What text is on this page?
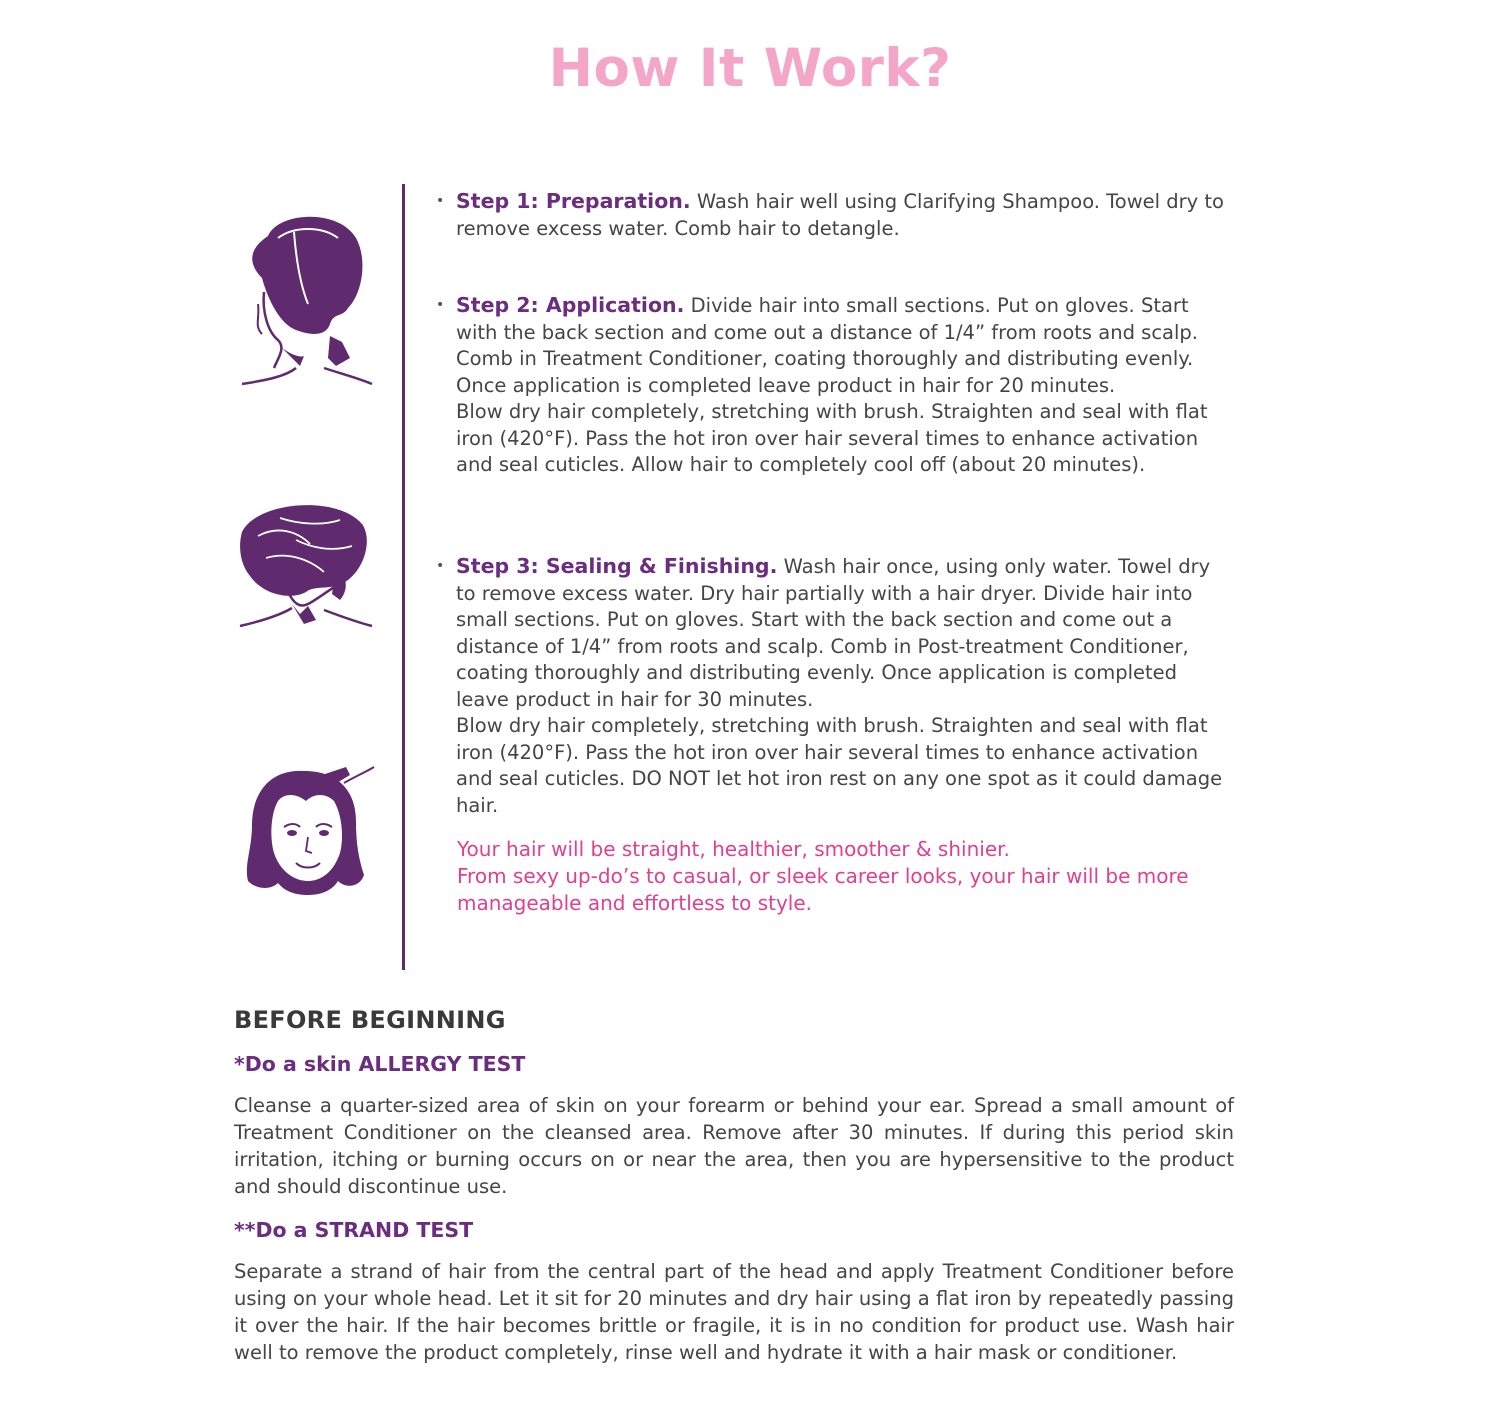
How It Work?
• Step 1: Preparation. Wash hair well using Clarifying Shampoo. Towel dry to remove excess water. Comb hair to detangle.

• Step 2: Application. Divide hair into small sections. Put on gloves. Start with the back section and come out a distance of 1/4” from roots and scalp. Comb in Treatment Conditioner, coating thoroughly and distributing evenly. Once application is completed leave product in hair for 20 minutes.

Blow dry hair completely, stretching with brush. Straighten and seal with flat iron (420°F). Pass the hot iron over hair several times to enhance activation and seal cuticles. Allow hair to completely cool off (about 20 minutes).

• Step 3: Sealing & Finishing. Wash hair once, using only water. Towel dry to remove excess water. Dry hair partially with a hair dryer. Divide hair into small sections. Put on gloves. Start with the back section and come out a distance of 1/4” from roots and scalp. Comb in Post-treatment Conditioner, coating thoroughly and distributing evenly. Once application is completed leave product in hair for 30 minutes.

Blow dry hair completely, stretching with brush. Straighten and seal with flat iron (420°F). Pass the hot iron over hair several times to enhance activation and seal cuticles. DO NOT let hot iron rest on any one spot as it could damage hair.

Your hair will be straight, healthier, smoother & shinier.

From sexy up-do’s to casual, or sleek career looks, your hair will be more manageable and effortless to style.

BEFORE BEGINNING
*Do a skin ALLERGY TEST

Cleanse a quarter-sized area of skin on your forearm or behind your ear. Spread a small amount of Treatment Conditioner on the cleansed area. Remove after 30 minutes. If during this period skin irritation, itching or burning occurs on or near the area, then you are hypersensitive to the product and should discontinue use.

**Do a STRAND TEST

Separate a strand of hair from the central part of the head and apply Treatment Conditioner before using on your whole head. Let it sit for 20 minutes and dry hair using a flat iron by repeatedly passing it over the hair. If the hair becomes brittle or fragile, it is in no condition for product use. Wash hair well to remove the product completely, rinse well and hydrate it with a hair mask or conditioner.
